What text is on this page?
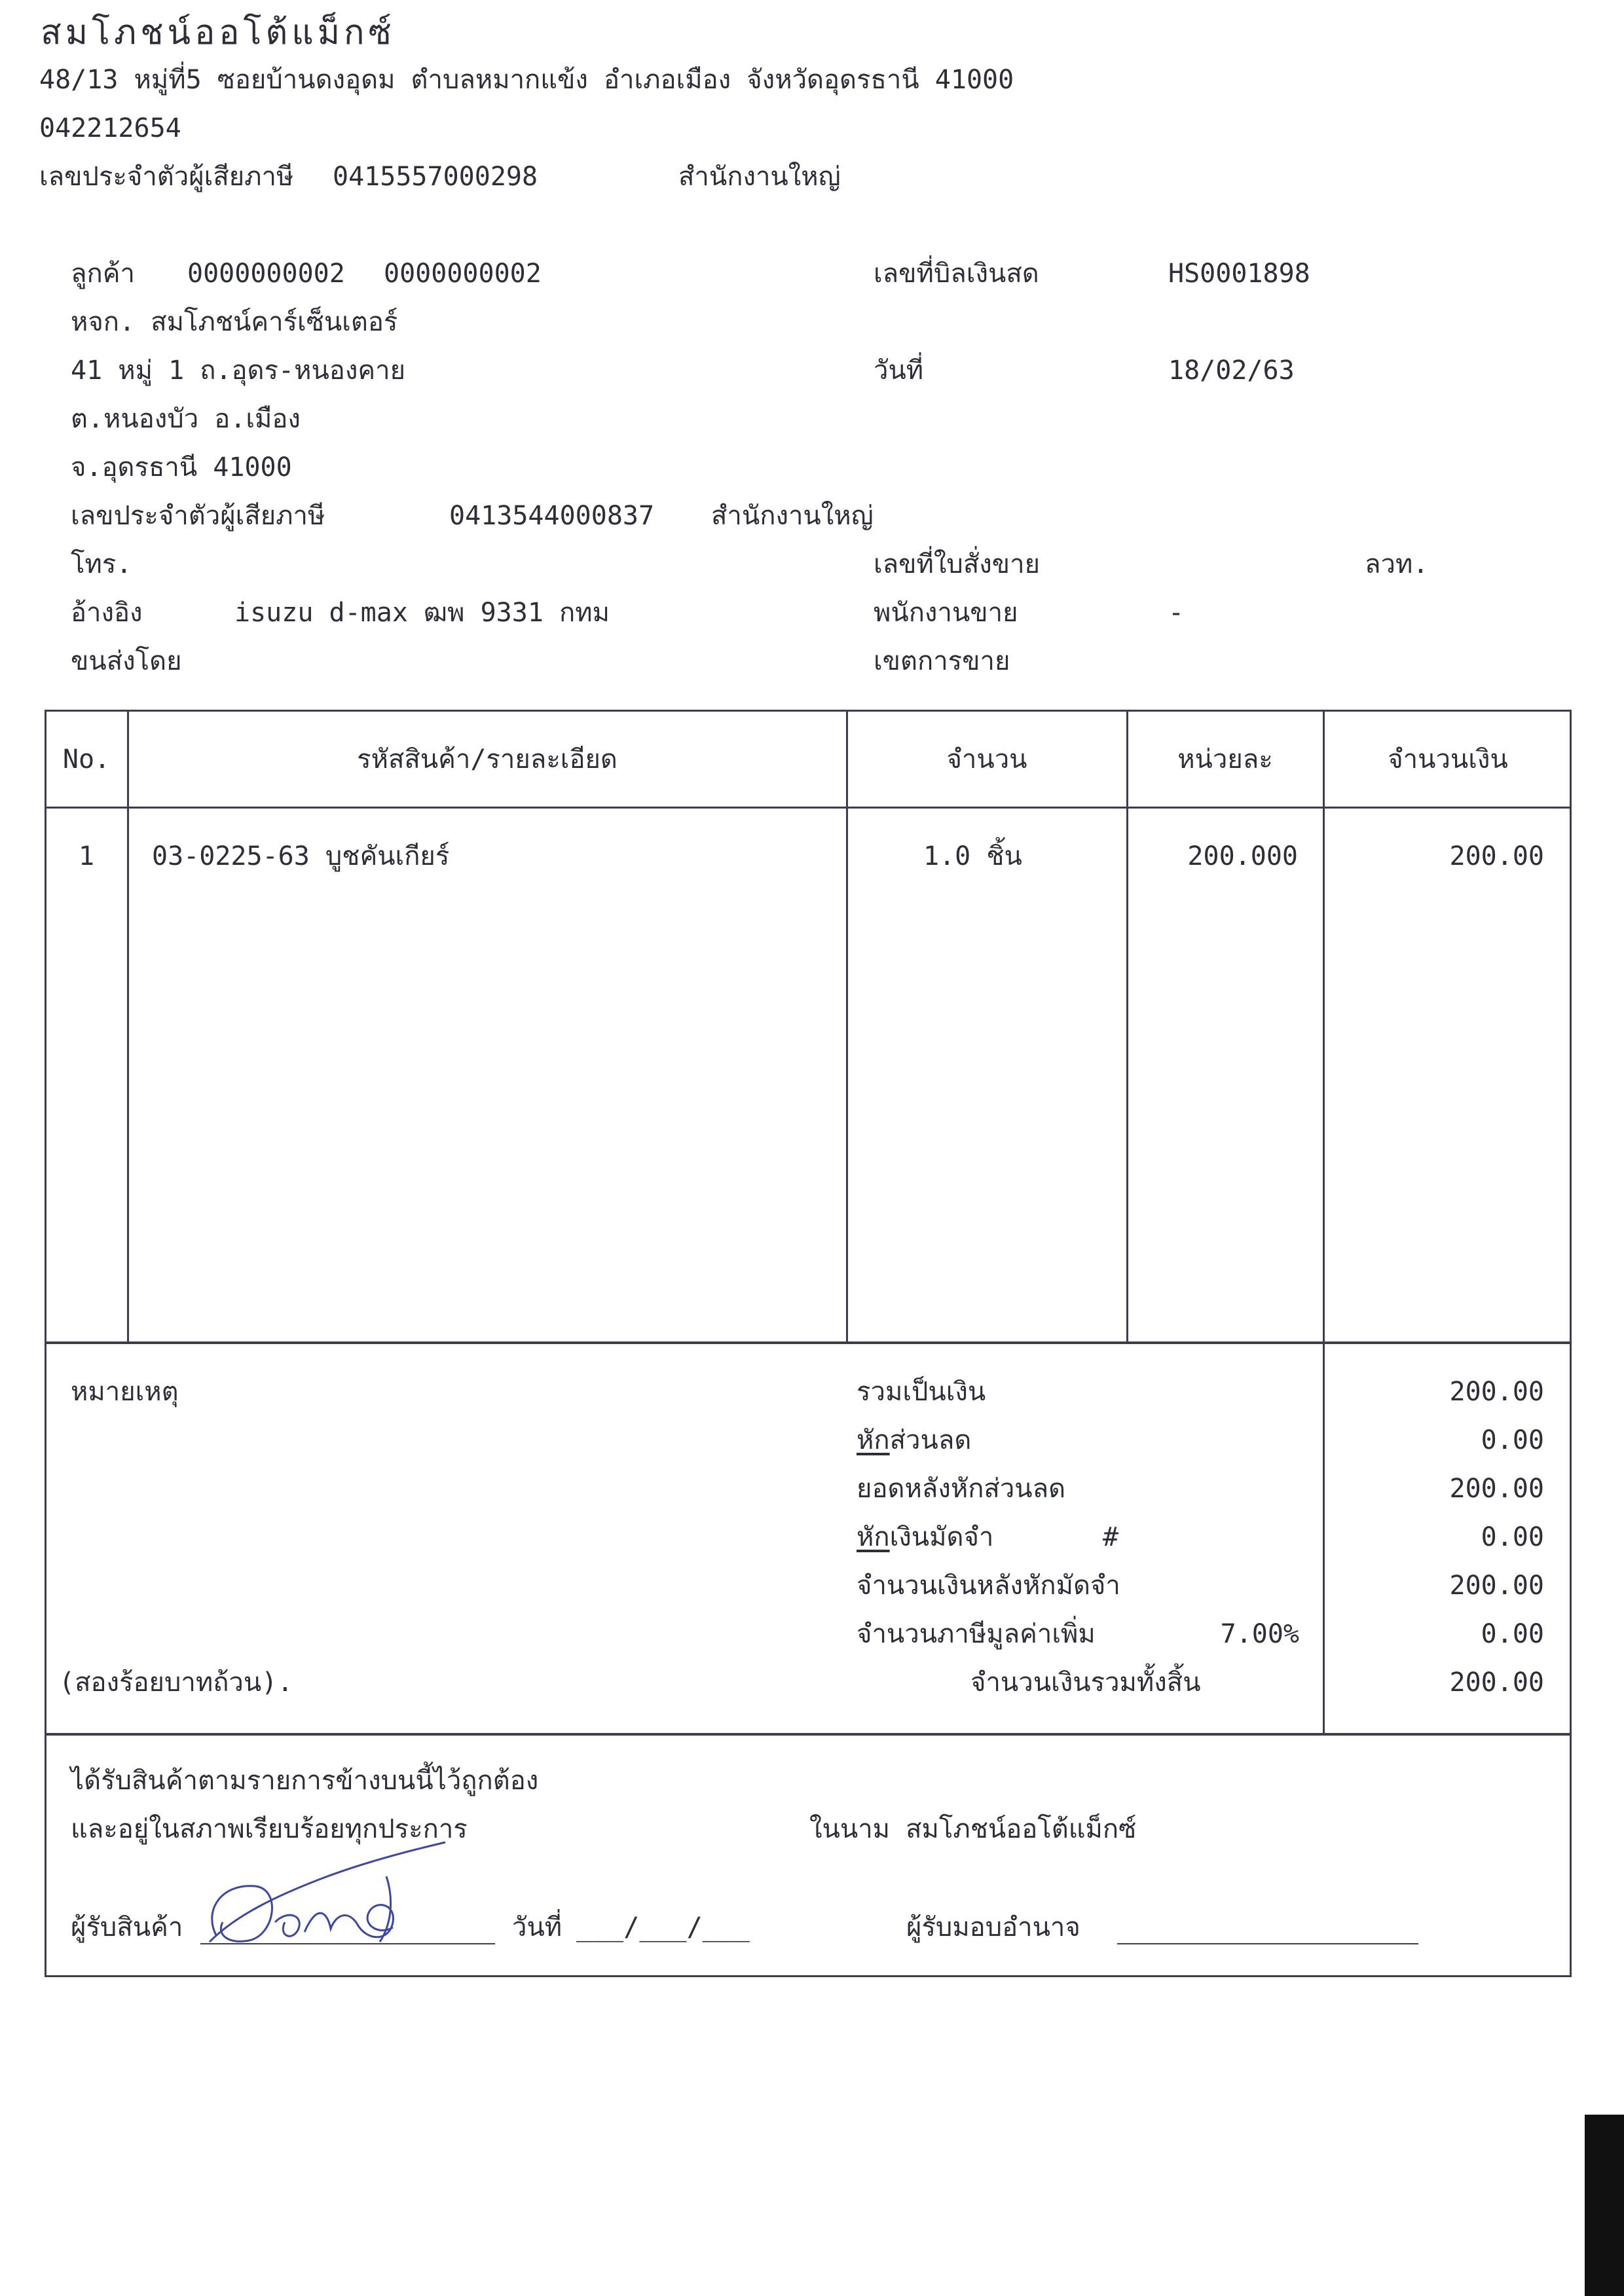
สมโภชน์ออโต้แม็กซ์
48/13 หมู่ที่5 ซอยบ้านดงอุดม ตำบลหมากแข้ง อำเภอเมือง จังหวัดอุดรธานี 41000
042212654
เลขประจำตัวผู้เสียภาษี 0415557000298	สำนักงานใหญ่
ลูกค้า 0000000002 0000000002
หจก. สมโภชน์คาร์เซ็นเตอร์
41 หมู่ 1 ถ.อุดร-หนองคาย
ต.หนองบัว อ.เมือง
จ.อุดรธานี 41000
เลขประจำตัวผู้เสียภาษี	0413544000837 สำนักงานใหญ่
โทร.
อ้างอิง	isuzu d-max ฒพ 9331 กทม
ขนส่งโดย
เลขที่บิลเงินสด	HS0001898
วันที่	18/02/63
เลขที่ใบสั่งขาย	ลวท.
พนักงานขาย	-
เขตการขาย
No.	รหัสสินค้า/รายละเอียด	จำนวน	หน่วยละ	จำนวนเงิน
1	03-0225-63 บูชคันเกียร์	1.0 ชิ้น	200.000	200.00
หมายเหตุ	รวมเป็นเงิน	200.00
หักส่วนลด	0.00
ยอดหลังหักส่วนลด	200.00
หักเงินมัดจำ	#	0.00
จำนวนเงินหลังหักมัดจำ	200.00
จำนวนภาษีมูลค่าเพิ่ม	7.00%	0.00
(สองร้อยบาทถ้วน).	จำนวนเงินรวมทั้งสิ้น	200.00
ได้รับสินค้าตามรายการข้างบนนี้ไว้ถูกต้อง
และอยู่ในสภาพเรียบร้อยทุกประการ	ในนาม สมโภชน์ออโต้แม็กซ์
ผู้รับสินค้า	วันที่ ___/___/___	ผู้รับมอบอำนาจ
